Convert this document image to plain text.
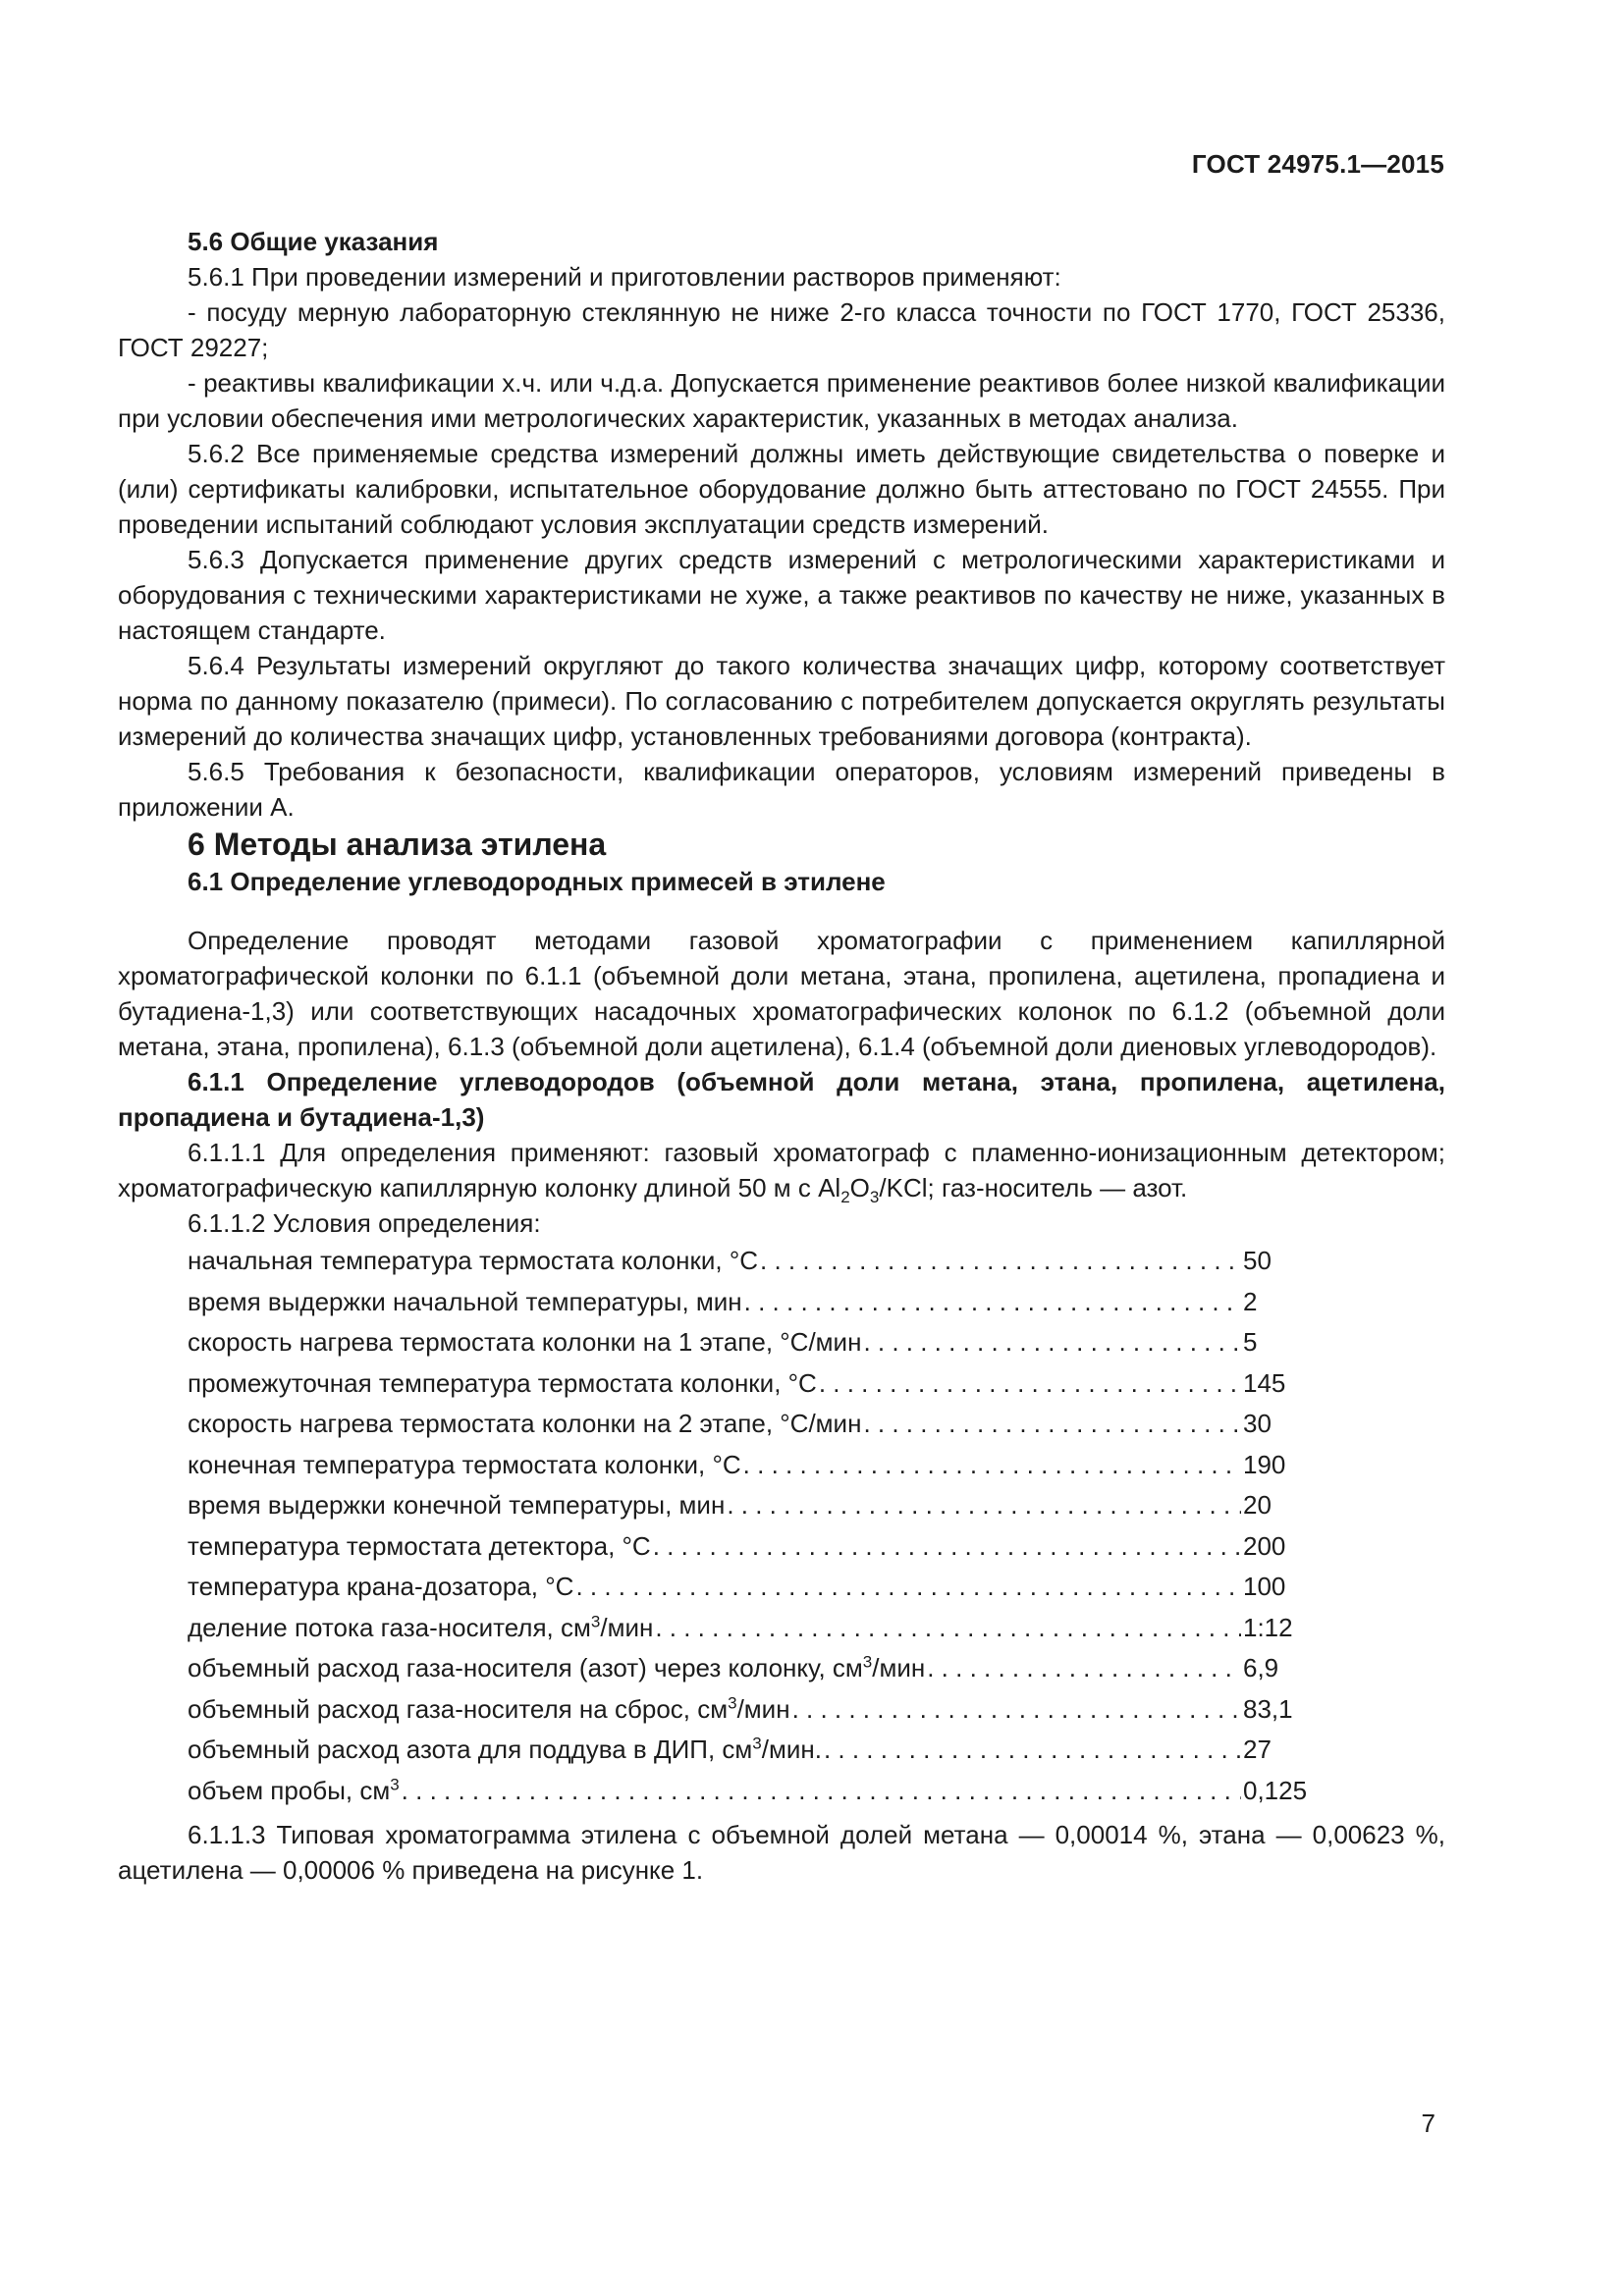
ГОСТ 24975.1—2015

5.6 Общие указания

5.6.1 При проведении измерений и приготовлении растворов применяют:

- посуду мерную лабораторную стеклянную не ниже 2-го класса точности по ГОСТ 1770, ГОСТ 25336, ГОСТ 29227;

- реактивы квалификации х.ч. или ч.д.а. Допускается применение реактивов более низкой квалификации при условии обеспечения ими метрологических характеристик, указанных в методах анализа.

5.6.2 Все применяемые средства измерений должны иметь действующие свидетельства о поверке и (или) сертификаты калибровки, испытательное оборудование должно быть аттестовано по ГОСТ 24555. При проведении испытаний соблюдают условия эксплуатации средств измерений.

5.6.3 Допускается применение других средств измерений с метрологическими характеристиками и оборудования с техническими характеристиками не хуже, а также реактивов по качеству не ниже, указанных в настоящем стандарте.

5.6.4 Результаты измерений округляют до такого количества значащих цифр, которому соответствует норма по данному показателю (примеси). По согласованию с потребителем допускается округлять результаты измерений до количества значащих цифр, установленных требованиями договора (контракта).

5.6.5 Требования к безопасности, квалификации операторов, условиям измерений приведены в приложении А.

6 Методы анализа этилена

6.1 Определение углеводородных примесей в этилене

Определение проводят методами газовой хроматографии с применением капиллярной хроматографической колонки по 6.1.1 (объемной доли метана, этана, пропилена, ацетилена, пропадиена и бутадиена-1,3) или соответствующих насадочных хроматографических колонок по 6.1.2 (объемной доли метана, этана, пропилена), 6.1.3 (объемной доли ацетилена), 6.1.4 (объемной доли диеновых углеводородов).

6.1.1 Определение углеводородов (объемной доли метана, этана, пропилена, ацетилена, пропадиена и бутадиена-1,3)

6.1.1.1 Для определения применяют: газовый хроматограф с пламенно-ионизационным детектором; хроматографическую капиллярную колонку длиной 50 м с $Al_2O_3$/KCl; газ-носитель — азот.

6.1.1.2 Условия определения:

начальная температура термостата колонки, °С . . .	50
время выдержки начальной температуры, мин . . .	2
скорость нагрева термостата колонки на 1 этапе, °С/мин . . .	5
промежуточная температура термостата колонки, °С . . .	145
скорость нагрева термостата колонки на 2 этапе, °С/мин . . .	30
конечная температура термостата колонки, °С . . .	190
время выдержки конечной температуры, мин . . .	20
температура термостата детектора, °С . . .	200
температура крана-дозатора, °С . . .	100
деление потока газа-носителя, $см^3$/мин . . .	1:12
объемный расход газа-носителя (азот) через колонку, $см^3$/мин . . .	6,9
объемный расход газа-носителя на сброс, $см^3$/мин . . .	83,1
объемный расход азота для поддува в ДИП, $см^3$/мин. . . .	27
объем пробы, $см^3$ . . .	0,125

6.1.1.3 Типовая хроматограмма этилена с объемной долей метана — 0,00014 %, этана — 0,00623 %, ацетилена — 0,00006 % приведена на рисунке 1.

7
